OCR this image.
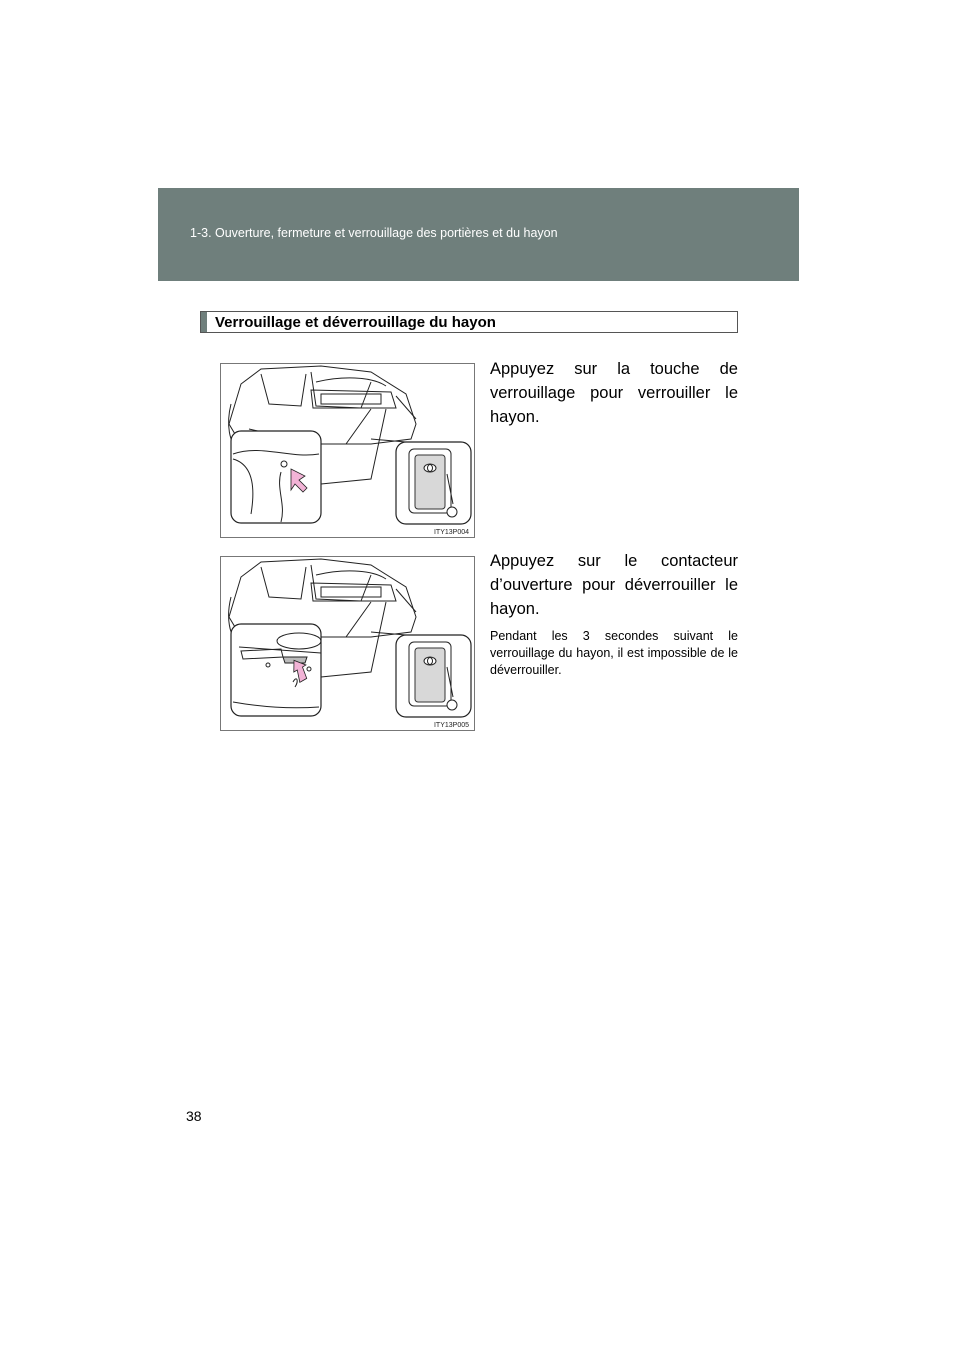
1-3. Ouverture, fermeture et verrouillage des portières et du hayon
Verrouillage et déverrouillage du hayon
ITY13P004
Appuyez sur la touche de verrouillage pour verrouiller le hayon.
ITY13P005
Appuyez sur le contacteur d’ouverture pour déverrouiller le hayon.
Pendant les 3 secondes suivant le verrouillage du hayon, il est impossible de le déverrouiller.
38
